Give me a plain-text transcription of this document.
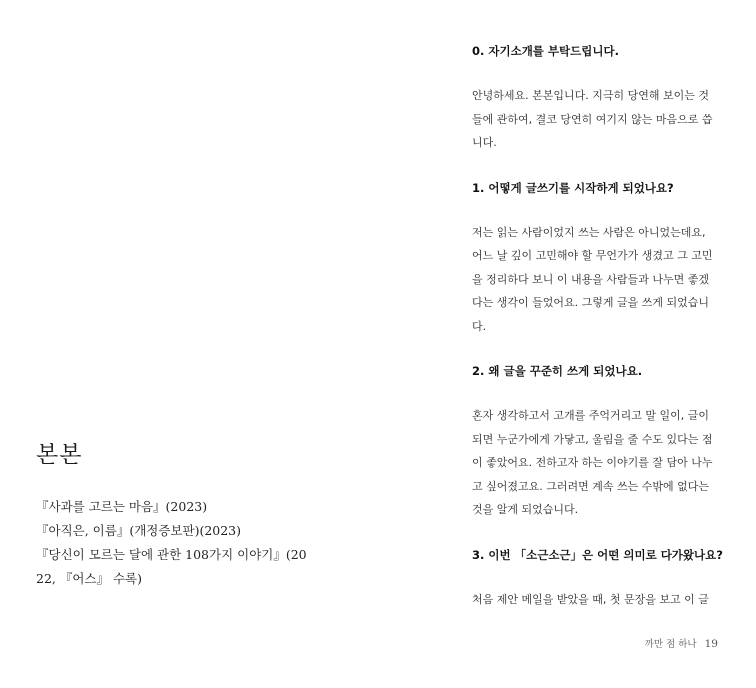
본본
『사과를 고르는 마음』(2023)
『아직은, 이름』(개정증보판)(2023)
『당신이 모르는 달에 관한 108가지 이야기』(20
22, 『어스』 수록)

0. 자기소개를 부탁드립니다.

안녕하세요. 본본입니다. 지극히 당연해 보이는 것

들에 관하여, 결코 당연히 여기지 않는 마음으로 씁

니다.

1. 어떻게 글쓰기를 시작하게 되었나요?

저는 읽는 사람이었지 쓰는 사람은 아니었는데요,

어느 날 깊이 고민해야 할 무언가가 생겼고 그 고민

을 정리하다 보니 이 내용을 사람들과 나누면 좋겠

다는 생각이 들었어요. 그렇게 글을 쓰게 되었습니

다.

2. 왜 글을 꾸준히 쓰게 되었나요.

혼자 생각하고서 고개를 주억거리고 말 일이, 글이

되면 누군가에게 가닿고, 울림을 줄 수도 있다는 점

이 좋았어요. 전하고자 하는 이야기를 잘 담아 나누

고 싶어졌고요. 그러려면 계속 쓰는 수밖에 없다는

것을 알게 되었습니다.

3. 이번 「소근소근」은 어떤 의미로 다가왔나요?

처음 제안 메일을 받았을 때, 첫 문장을 보고 이 글

까만 점 하나 19
